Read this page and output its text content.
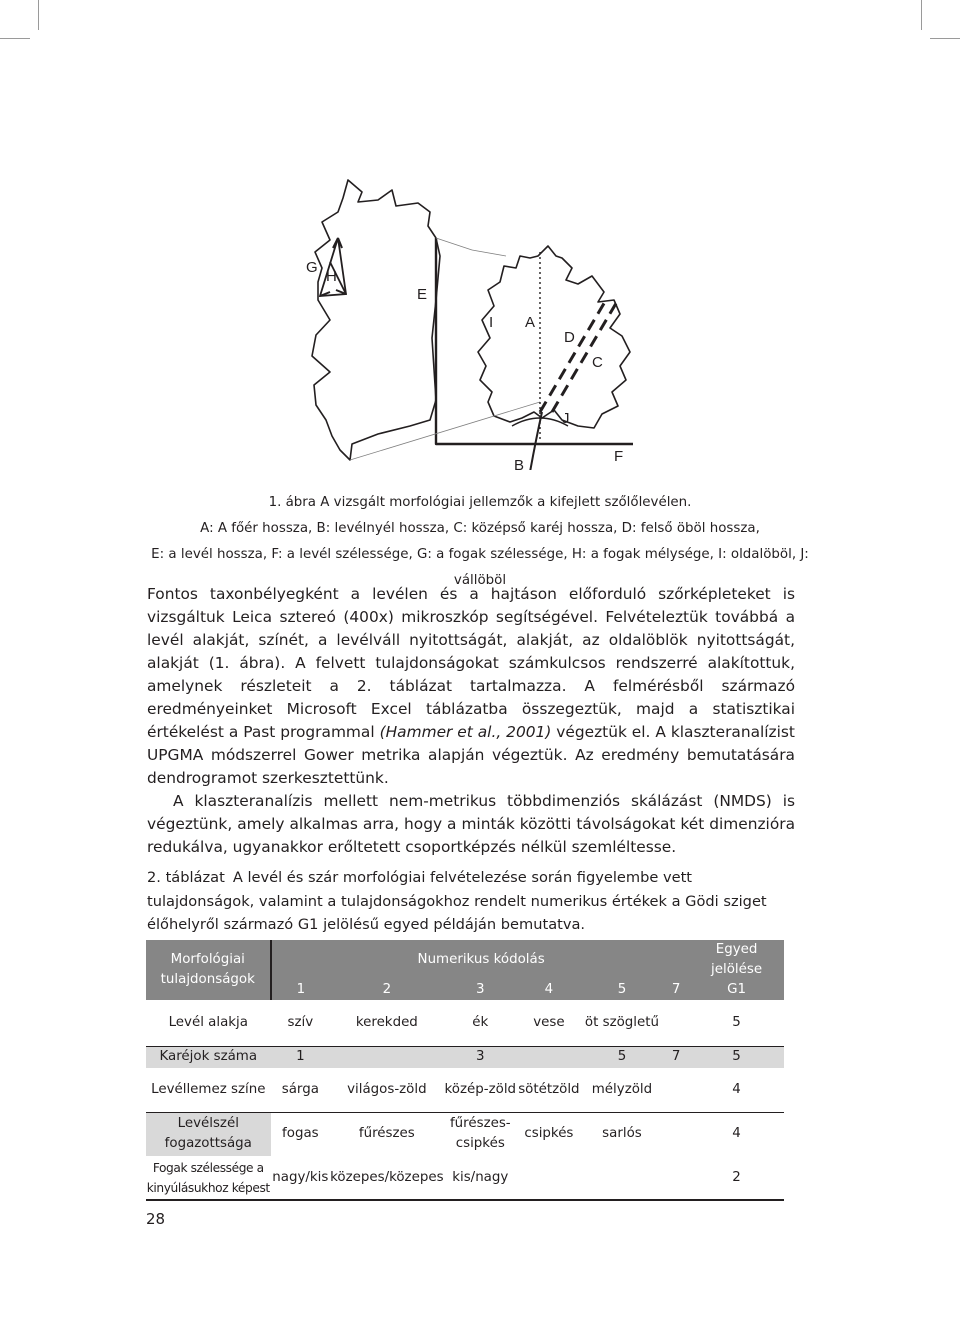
G
H
E
I A
D
C
J
B
F
1. ábra A vizsgált morfológiai jellemzők a kifejlett szőlőlevélen.
A: A főér hossza, B: levélnyél hossza, C: középső karéj hossza, D: felső öböl hossza,
E: a levél hossza, F: a levél szélessége, G: a fogak szélessége, H: a fogak mélysége, I: oldalöböl, J: vállöböl

Fontos taxonbélyegként a levélen és a hajtáson előforduló szőrképleteket is vizsgáltuk Leica sztereó (400x) mikroszkóp segítségével. Felvételeztük továbbá a levél alakját, színét, a levélváll nyitottságát, alakját, az oldalöblök nyitottságát, alakját (1. ábra). A felvett tulajdonságokat számkulcsos rendszerré alakítottuk, amelynek részleteit a 2. táblázat tartalmazza. A felmérésből származó eredményeinket Microsoft Excel táblázatba összegeztük, majd a statisztikai értékelést a Past programmal (Hammer et al., 2001) végeztük el. A klaszteranalízist UPGMA módszerrel Gower metrika alapján végeztük. Az eredmény bemutatására dendrogramot szerkesztettünk.

A klaszteranalízis mellett nem-metrikus többdimenziós skálázást (NMDS) is végeztünk, amely alkalmas arra, hogy a minták közötti távolságokat két dimenzióra redukálva, ugyanakkor erőltetett csoportképzés nélkül szemléltesse.

2. táblázat A levél és szár morfológiai felvételezése során figyelembe vett tulajdonságok, valamint a tulajdonságokhoz rendelt numerikus értékek a Gödi sziget élőhelyről származó G1 jelölésű egyed példáján bemutatva.
Morfológiai tulajdonságok	Numerikus kódolás						Egyed jelölése
	1	2	3	4	5	7	G1
Levél alakja	szív	kerekded	ék	vese	öt szögletű		5
Karéjok száma	1		3		5	7	5
Levéllemez színe	sárga	világos-zöld	közép-zöld	sötétzöld	mélyzöld		4
Levélszél fogazottsága	fogas	fűrészes	fűrészes-csipkés	csipkés	sarlós		4
Fogak szélessége a kinyúlásukhoz képest	nagy/kis	közepes/közepes	kis/nagy				2
28
